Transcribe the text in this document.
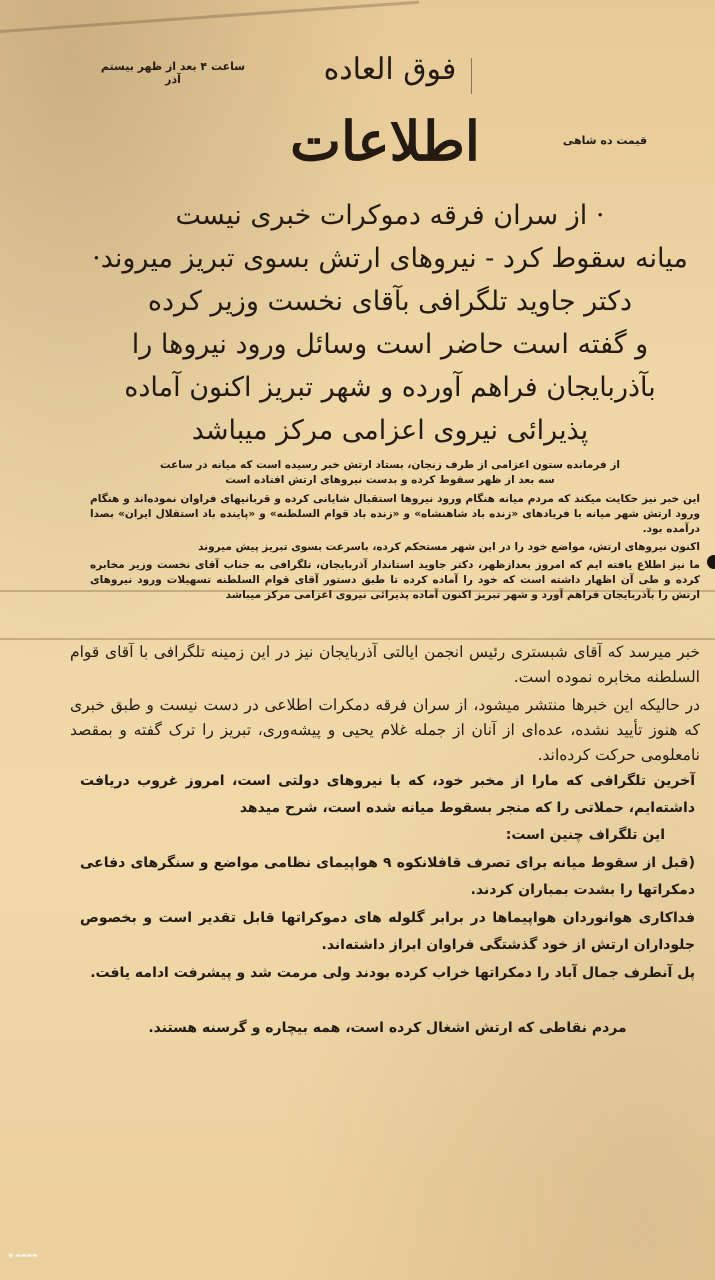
ساعت ۴ بعد از ظهر بیستم آذر	فوق العاده
قیمت ده شاهی
اطلاعات
· از سران فرقه دموکرات خبری نیست
میانه سقوط کرد - نیروهای ارتش بسوی تبریز میروند·
دکتر جاوید تلگرافی بآقای نخست وزیر کرده
و گفته است حاضر است وسائل ورود نیروها را
بآذربایجان فراهم آورده و شهر تبریز اکنون آماده
پذیرائی نیروی اعزامی مرکز میباشد
از فرمانده ستون اعزامی از طرف زنجان، بستاد ارتش خبر رسیده است که میانه در ساعت سه بعد از ظهر سقوط کرده و بدست نیروهای ارتش افتاده است
این خبر نیز حکایت میکند که مردم میانه هنگام ورود نیروها استقبال شایانی کرده و قربانیهای فراوان نموده‌اند و هنگام ورود ارتش شهر میانه با فریادهای «زنده باد شاهنشاه» و «زنده باد قوام السلطنه» و «پاینده باد استقلال ایران» بصدا درآمده بود.
اکنون نیروهای ارتش، مواضع خود را در این شهر مستحکم کرده، باسرعت بسوی تبریز پیش میروند
ما نیز اطلاع یافته ایم که امروز بعدازظهر، دکتر جاوید استاندار آذربایجان، تلگرافی به جناب آقای نخست وزیر مخابره کرده و طی آن اظهار داشته است که خود را آماده کرده تا طبق دستور آقای قوام السلطنه تسهیلات ورود نیروهای ارتش را بآذربایجان فراهم آورد و شهر تبریز اکنون آماده پذیرائی نیروی اعزامی مرکز میباشد
خبر میرسد که آقای شبستری رئیس انجمن ایالتی آذربایجان نیز در این زمینه تلگرافی با آقای قوام السلطنه مخابره نموده است.
در حالیکه این خبرها منتشر میشود، از سران فرقه دمکرات اطلاعی در دست نیست و طبق خبری که هنوز تأیید نشده، عده‌ای از آنان از جمله غلام یحیی و پیشه‌وری، تبریز را ترک گفته و بمقصد نامعلومی حرکت کرده‌اند.
آخرین تلگرافی که مارا از مخبر خود، که با نیروهای دولتی است، امروز غروب دریافت داشته‌ایم، حملاتی را که منجر بسقوط میانه شده است، شرح میدهد
این تلگراف چنین است:
(قبل از سقوط میانه برای تصرف قافلانکوه ۹ هواپیمای نظامی مواضع و سنگرهای دفاعی دمکراتها را بشدت بمباران کردند.
فداکاری هوانوردان هواپیماها در برابر گلوله های دموکراتها قابل تقدیر است و بخصوص جلوداران ارتش از خود گذشتگی فراوان ابراز داشته‌اند.
پل آنطرف جمال آباد را دمکراتها خراب کرده بودند ولی مرمت شد و پیشرفت ادامه یافت.
مردم نقاطی که ارتش اشغال کرده است، همه بیچاره و گرسنه هستند.
◉ ▬▬▬▬
